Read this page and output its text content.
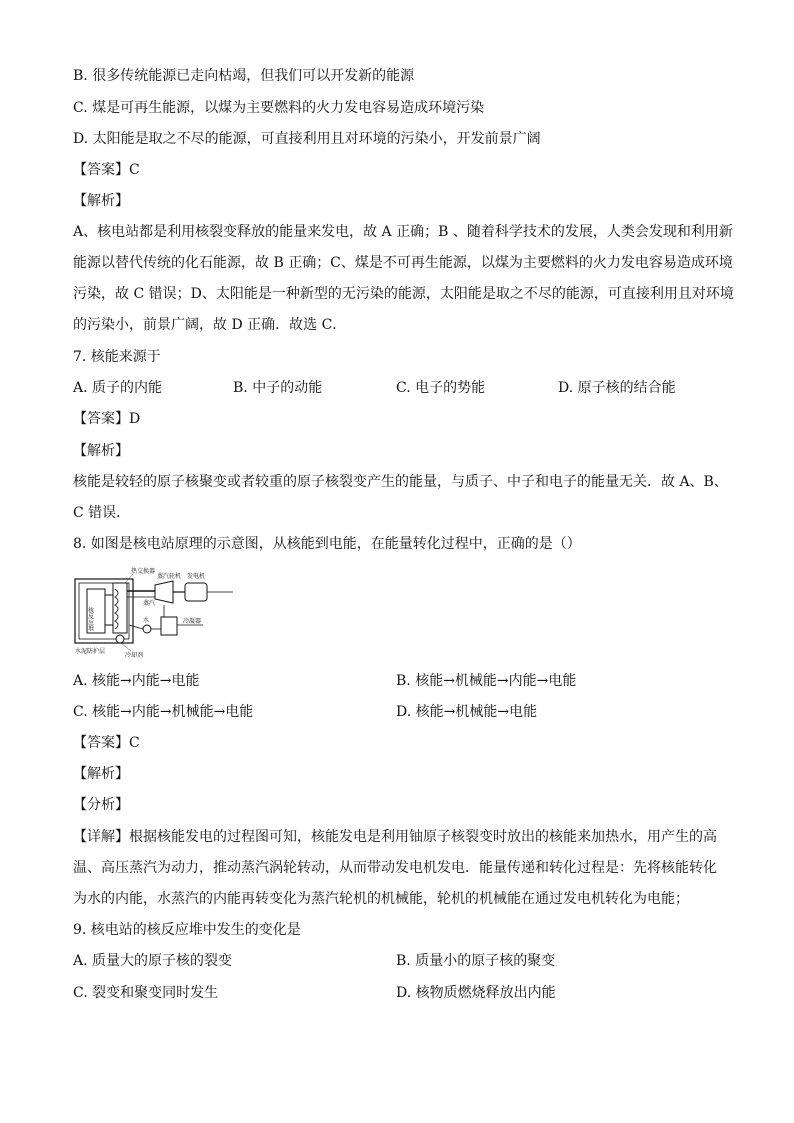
B. 很多传统能源已走向枯竭，但我们可以开发新的能源
C. 煤是可再生能源，以煤为主要燃料的火力发电容易造成环境污染
D. 太阳能是取之不尽的能源，可直接利用且对环境的污染小，开发前景广阔
【答案】C
【解析】
A、核电站都是利用核裂变释放的能量来发电，故 A 正确；B 、随着科学技术的发展，人类会发现和利用新
能源以替代传统的化石能源，故 B 正确；C、煤是不可再生能源，以煤为主要燃料的火力发电容易造成环境
污染，故 C 错误；D、太阳能是一种新型的无污染的能源，太阳能是取之不尽的能源，可直接利用且对环境
的污染小，前景广阔，故 D 正确．故选 C．
7. 核能来源于
A. 质子的内能	B. 中子的动能	C. 电子的势能	D. 原子核的结合能
【答案】D
【解析】
核能是较轻的原子核聚变或者较重的原子核裂变产生的能量，与质子、中子和电子的能量无关．故 A、B、
C 错误．
8. 如图是核电站原理的示意图，从核能到电能，在能量转化过程中，正确的是（）
核反应堆
热交换器
蒸汽轮机 发电机
蒸汽
水	冷凝器
水泥防护层
冷却剂
A. 核能→内能→电能	B. 核能→机械能→内能→电能
C. 核能→内能→机械能→电能	D. 核能→机械能→电能
【答案】C
【解析】
【分析】
【详解】根据核能发电的过程图可知，核能发电是利用铀原子核裂变时放出的核能来加热水，用产生的高
温、高压蒸汽为动力，推动蒸汽涡轮转动，从而带动发电机发电．能量传递和转化过程是：先将核能转化
为水的内能，水蒸汽的内能再转变化为蒸汽轮机的机械能，轮机的机械能在通过发电机转化为电能；
9. 核电站的核反应堆中发生的变化是
A. 质量大的原子核的裂变	B. 质量小的原子核的聚变
C. 裂变和聚变同时发生	D. 核物质燃烧释放出内能
